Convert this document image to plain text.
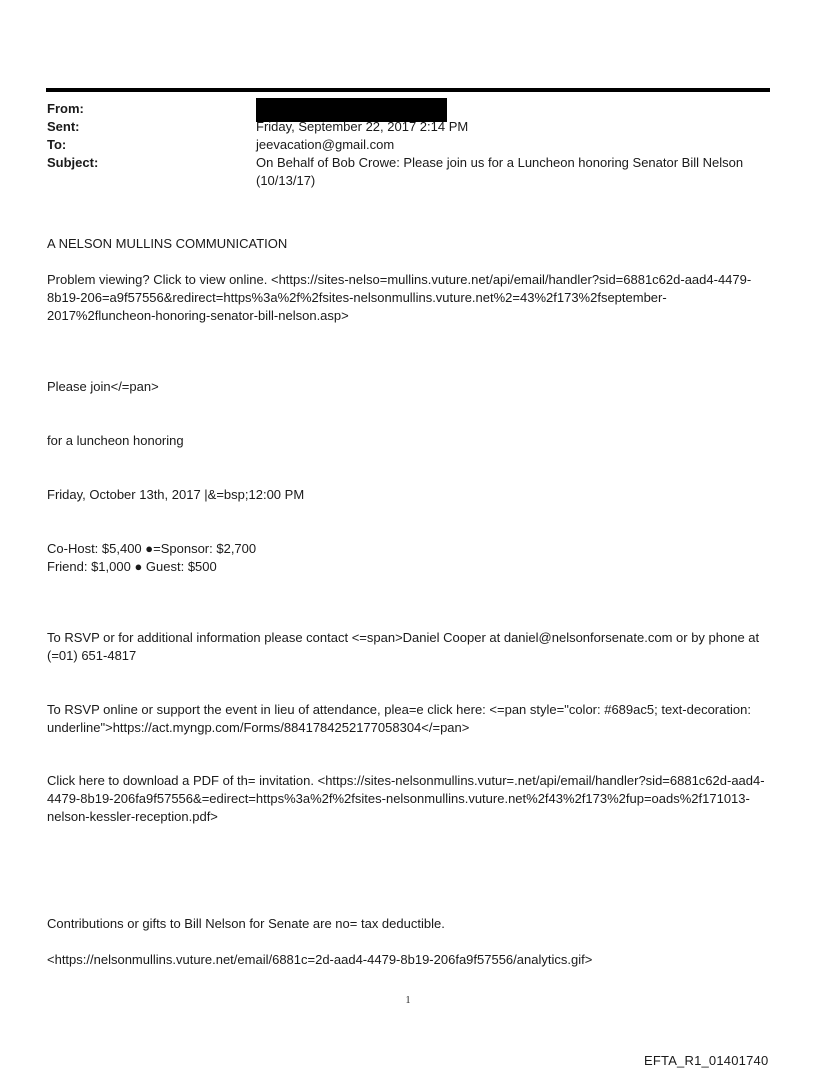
From:
Sent:	Friday, September 22, 2017 2:14 PM
To:	jeevacation@gmail.com
Subject:	On Behalf of Bob Crowe: Please join us for a Luncheon honoring Senator Bill Nelson (10/13/17)
A NELSON MULLINS COMMUNICATION
Problem viewing? Click to view online. <https://sites-nelso=mullins.vuture.net/api/email/handler?sid=6881c62d-aad4-4479-8b19-206=a9f57556&redirect=https%3a%2f%2fsites-nelsonmullins.vuture.net%2=43%2f173%2fseptember-2017%2fluncheon-honoring-senator-bill-nelson.asp>
Please join</=pan>
for a luncheon honoring
Friday, October 13th, 2017 |&=bsp;12:00 PM
Co-Host: $5,400 ●=Sponsor: $2,700
Friend: $1,000 ● Guest: $500
To RSVP or for additional information please contact <=span>Daniel Cooper at daniel@nelsonforsenate.com or by phone at (=01) 651-4817
To RSVP online or support the event in lieu of attendance, plea=e click here: <=pan style="color: #689ac5; text-decoration: underline">https://act.myngp.com/Forms/8841784252177058304</=pan>
Click here to download a PDF of th= invitation. <https://sites-nelsonmullins.vutur=.net/api/email/handler?sid=6881c62d-aad4-4479-8b19-206fa9f57556&=edirect=https%3a%2f%2fsites-nelsonmullins.vuture.net%2f43%2f173%2fup=oads%2f171013-nelson-kessler-reception.pdf>
Contributions or gifts to Bill Nelson for Senate are no= tax deductible.
<https://nelsonmullins.vuture.net/email/6881c=2d-aad4-4479-8b19-206fa9f57556/analytics.gif>
1
EFTA_R1_01401740
